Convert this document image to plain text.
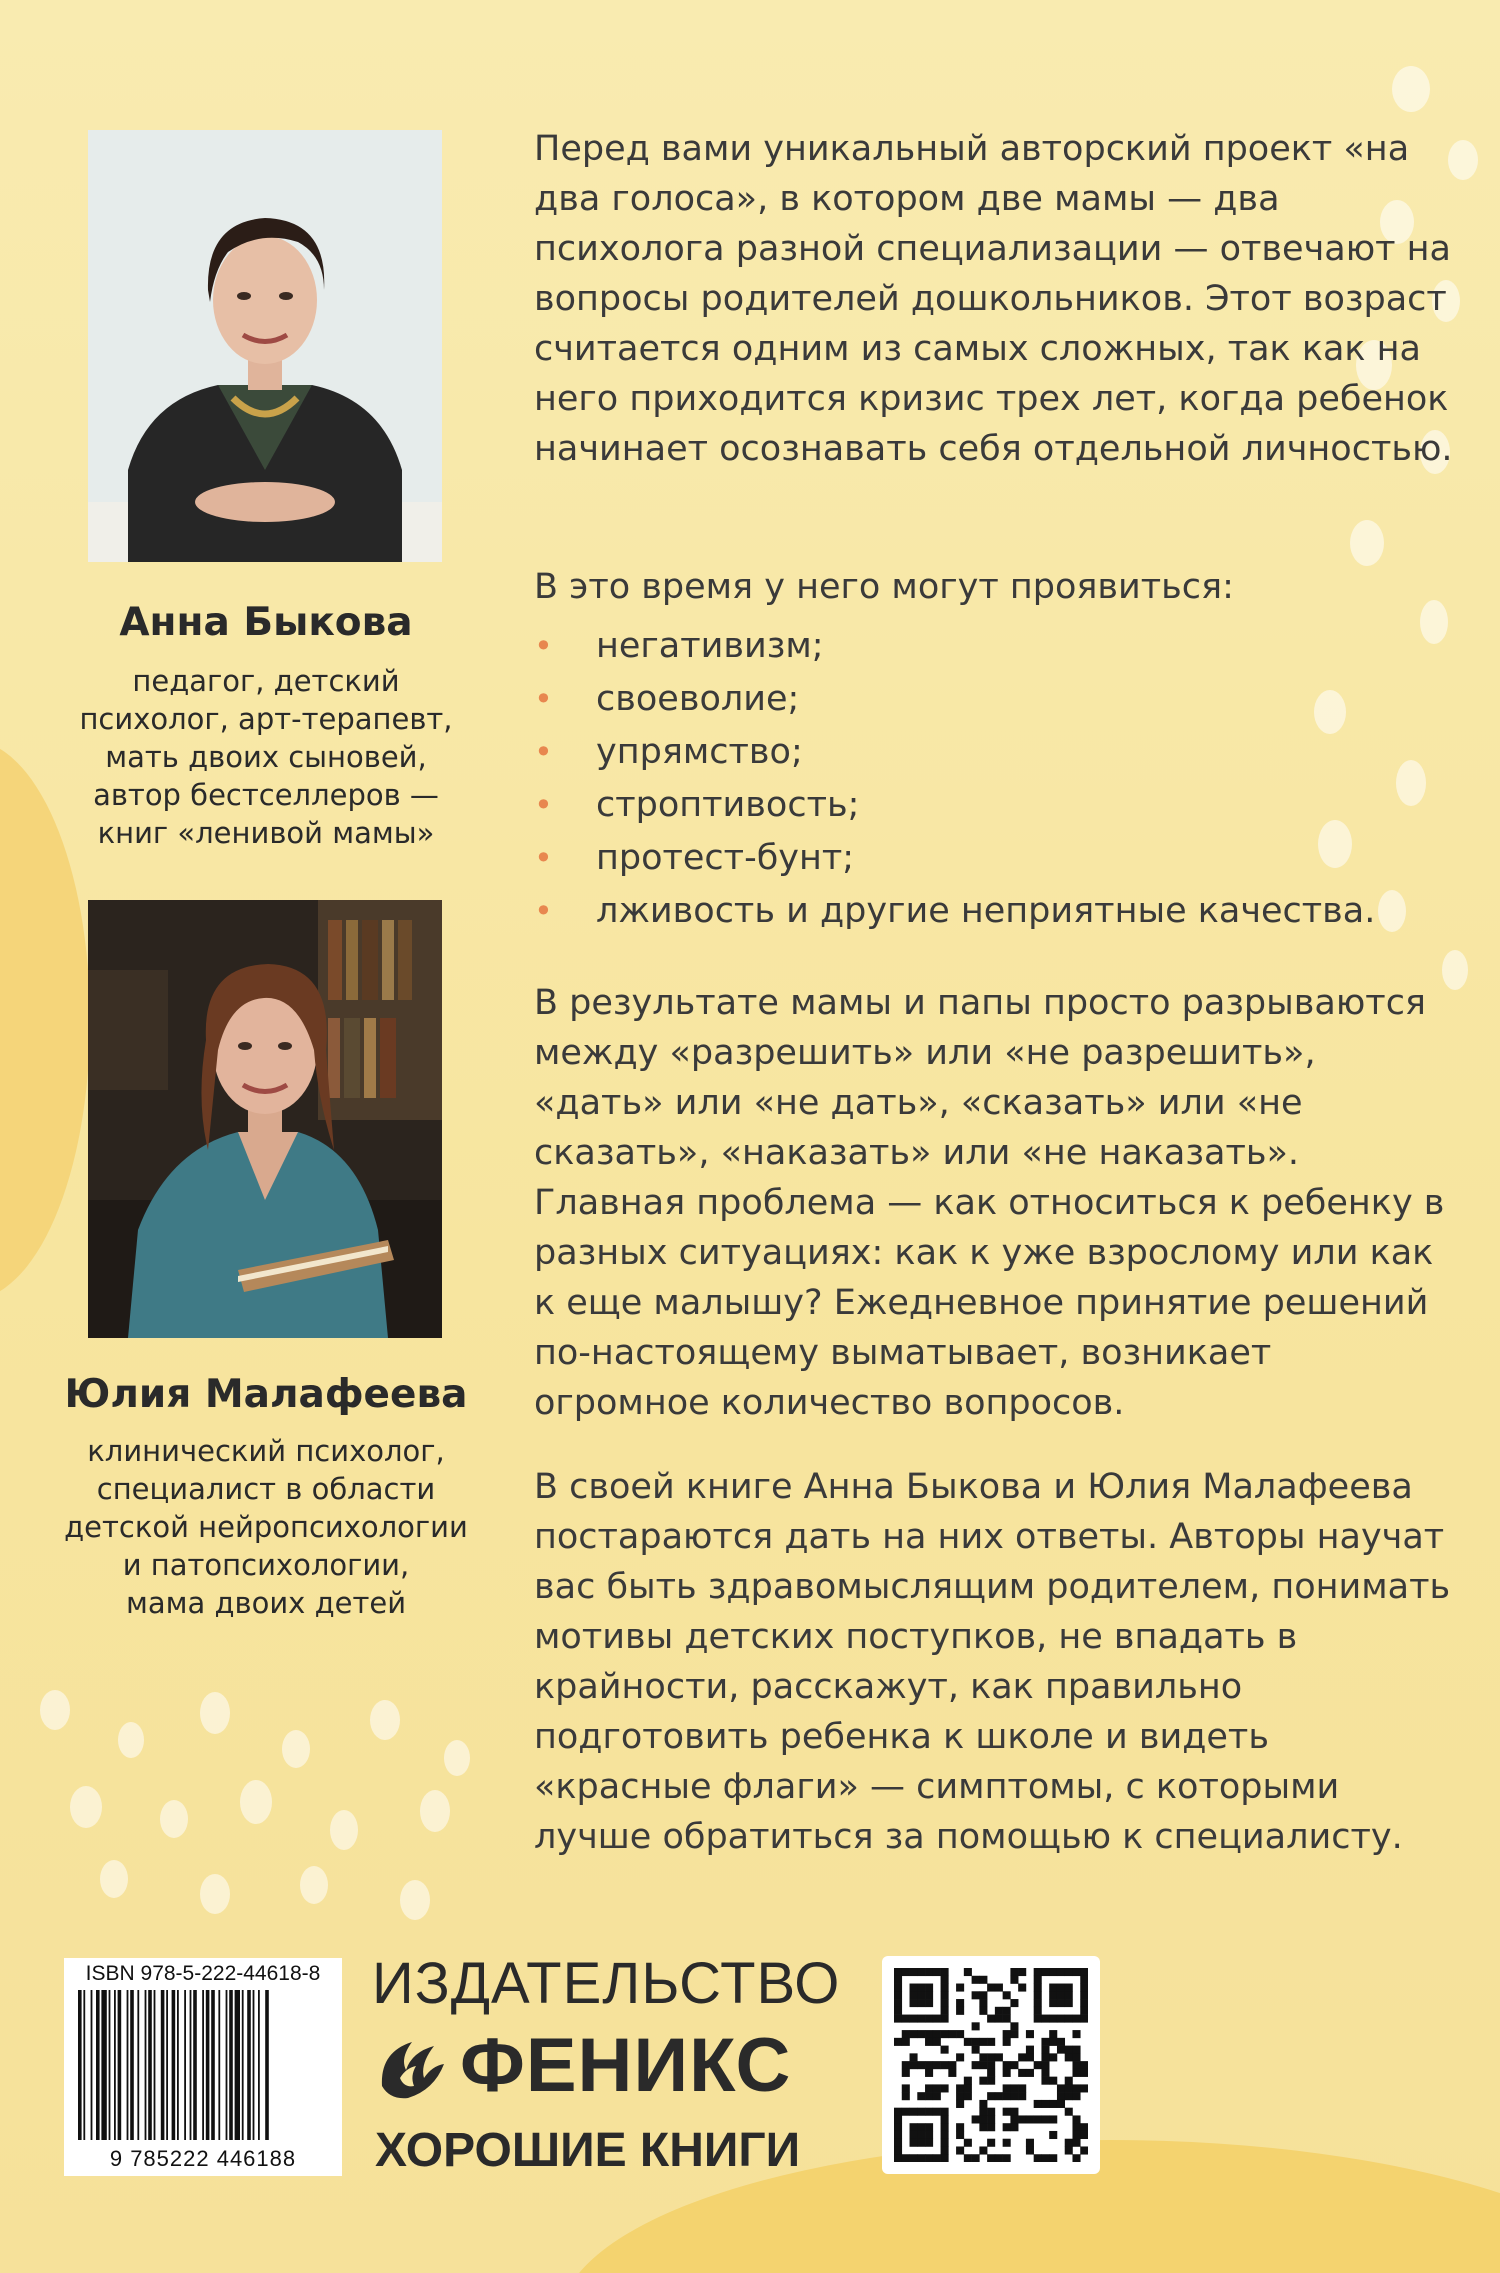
Анна Быкова
педагог, детский
психолог, арт-терапевт,
мать двоих сыновей,
автор бестселлеров —
книг «ленивой мамы»
Юлия Малафеева
клинический психолог,
специалист в области
детской нейропсихологии
и патопсихологии,
мама двоих детей

Перед вами уникальный авторский проект «на два голоса», в котором две мамы — два психолога разной специализации — отвечают на вопросы родителей дошкольников. Этот возраст считается одним из самых сложных, так как на него приходится кризис трех лет, когда ребенок начинает осознавать себя отдельной личностью.

В это время у него могут проявиться:

• негативизм;
• своеволие;
• упрямство;
• строптивость;
• протест-бунт;
• лживость и другие неприятные качества.

В результате мамы и папы просто разрываются между «разрешить» или «не разрешить», «дать» или «не дать», «сказать» или «не сказать», «наказать» или «не наказать». Главная проблема — как относиться к ребенку в разных ситуациях: как к уже взрослому или как к еще малышу? Ежедневное принятие решений по-настоящему выматывает, возникает огромное количество вопросов.

В своей книге Анна Быкова и Юлия Малафеева постараются дать на них ответы. Авторы научат вас быть здравомыслящим родителем, понимать мотивы детских поступков, не впадать в крайности, расскажут, как правильно подготовить ребенка к школе и видеть «красные флаги» — симптомы, с которыми лучше обратиться за помощью к специалисту.

ISBN 978-5-222-44618-8
9 785222 446188
ИЗДАТЕЛЬСТВО
ФЕНИКС
ХОРОШИЕ КНИГИ
